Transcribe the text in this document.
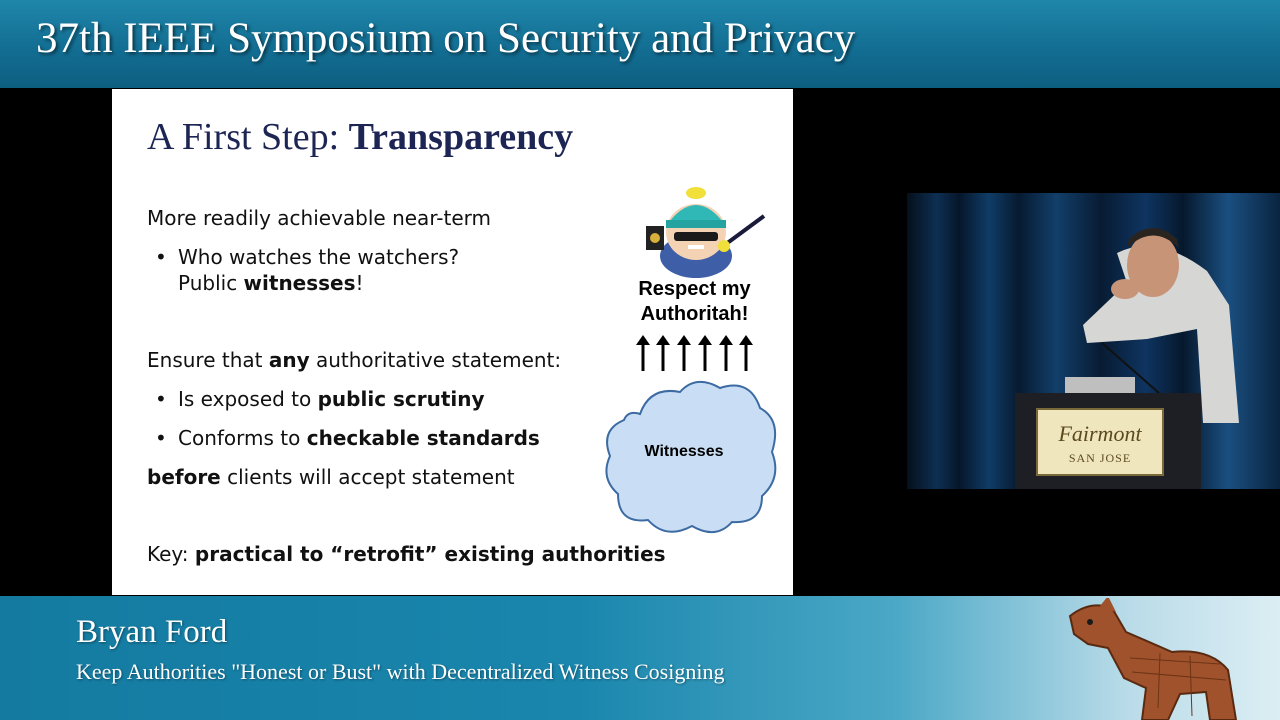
37th IEEE Symposium on Security and Privacy
A First Step: Transparency
More readily achievable near-term
• Who watches the watchers?
Public witnesses!
Ensure that any authoritative statement:
• Is exposed to public scrutiny
• Conforms to checkable standards
before clients will accept statement
Key: practical to “retrofit” existing authorities
Respect my
Authoritah!
Witnesses
Fairmont
SAN JOSE
Bryan Ford
Keep Authorities "Honest or Bust" with Decentralized Witness Cosigning
